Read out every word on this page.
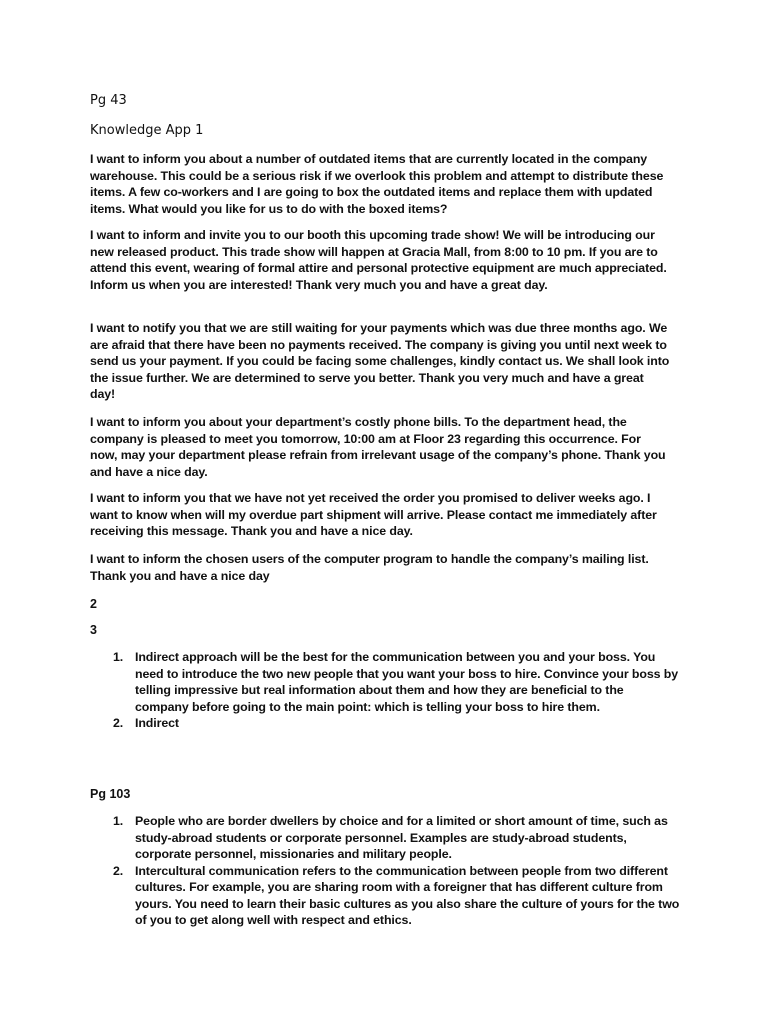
Pg 43
Knowledge App 1

I want to inform you about a number of outdated items that are currently located in the company warehouse. This could be a serious risk if we overlook this problem and attempt to distribute these items. A few co-workers and I are going to box the outdated items and replace them with updated items. What would you like for us to do with the boxed items?

I want to inform and invite you to our booth this upcoming trade show! We will be introducing our new released product. This trade show will happen at Gracia Mall, from 8:00 to 10 pm. If you are to attend this event, wearing of formal attire and personal protective equipment are much appreciated. Inform us when you are interested! Thank very much you and have a great day.

I want to notify you that we are still waiting for your payments which was due three months ago. We are afraid that there have been no payments received. The company is giving you until next week to send us your payment. If you could be facing some challenges, kindly contact us. We shall look into the issue further. We are determined to serve you better. Thank you very much and have a great day!

I want to inform you about your department’s costly phone bills. To the department head, the company is pleased to meet you tomorrow, 10:00 am at Floor 23 regarding this occurrence. For now, may your department please refrain from irrelevant usage of the company’s phone. Thank you and have a nice day.

I want to inform you that we have not yet received the order you promised to deliver weeks ago. I want to know when will my overdue part shipment will arrive. Please contact me immediately after receiving this message. Thank you and have a nice day.

I want to inform the chosen users of the computer program to handle the company’s mailing list. Thank you and have a nice day

2
3
1. Indirect approach will be the best for the communication between you and your boss. You need to introduce the two new people that you want your boss to hire. Convince your boss by telling impressive but real information about them and how they are beneficial to the company before going to the main point: which is telling your boss to hire them.
2. Indirect
Pg 103
1. People who are border dwellers by choice and for a limited or short amount of time, such as study-abroad students or corporate personnel. Examples are study-abroad students, corporate personnel, missionaries and military people.
2. Intercultural communication refers to the communication between people from two different cultures. For example, you are sharing room with a foreigner that has different culture from yours. You need to learn their basic cultures as you also share the culture of yours for the two of you to get along well with respect and ethics.
